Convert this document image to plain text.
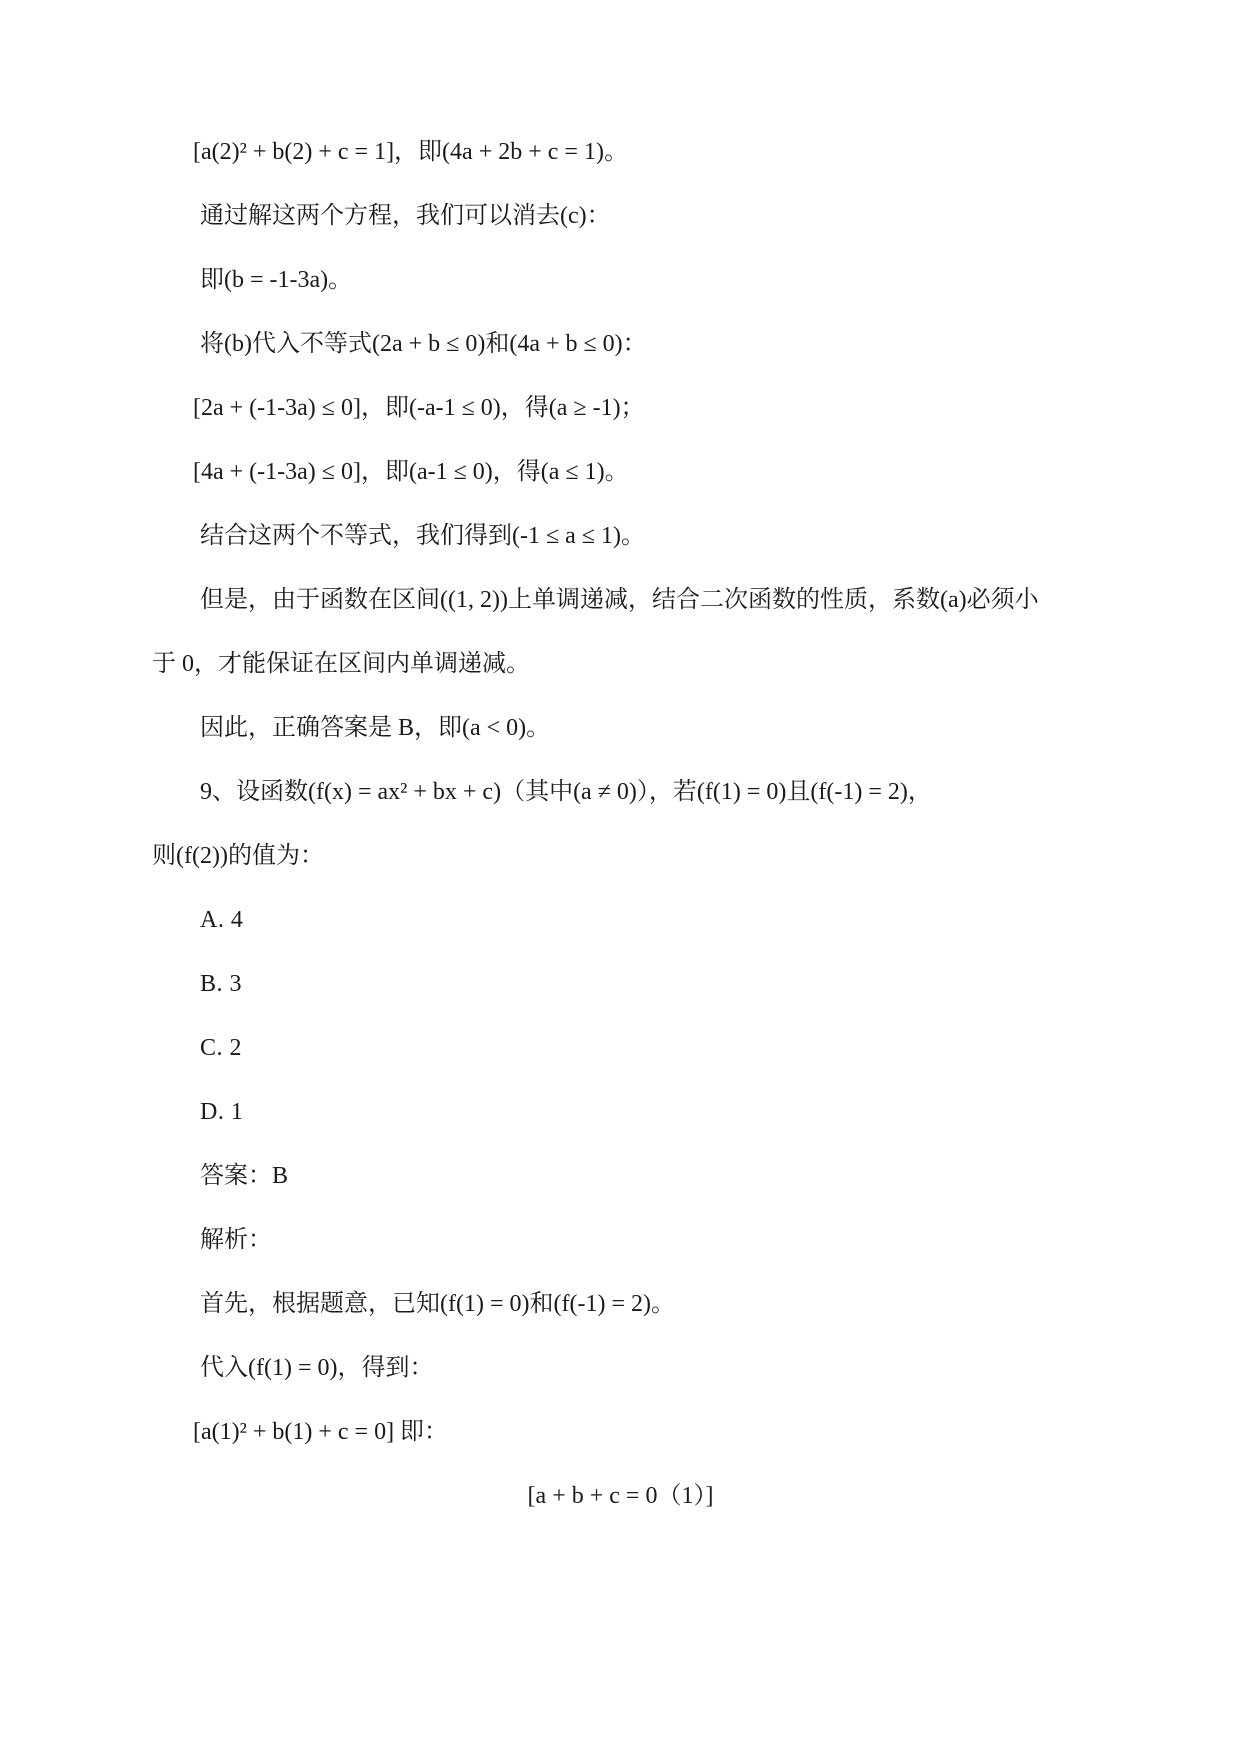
[a(2)² + b(2) + c = 1]，即(4a + 2b + c = 1)。
通过解这两个方程，我们可以消去(c)：
即(b = -1-3a)。
将(b)代入不等式(2a + b ≤ 0)和(4a + b ≤ 0)：
[2a + (-1-3a) ≤ 0]，即(-a-1 ≤ 0)，得(a ≥ -1)；
[4a + (-1-3a) ≤ 0]，即(a-1 ≤ 0)，得(a ≤ 1)。
结合这两个不等式，我们得到(-1 ≤ a ≤ 1)。
但是，由于函数在区间((1, 2))上单调递减，结合二次函数的性质，系数(a)必须小
于 0，才能保证在区间内单调递减。
因此，正确答案是 B，即(a < 0)。
9、设函数(f(x) = ax² + bx + c)（其中(a ≠ 0)），若(f(1) = 0)且(f(-1) = 2)，
则(f(2))的值为：
A. 4
B. 3
C. 2
D. 1
答案：B
解析：
首先，根据题意，已知(f(1) = 0)和(f(-1) = 2)。
代入(f(1) = 0)，得到：
[a(1)² + b(1) + c = 0] 即：
[a + b + c = 0（1）]
